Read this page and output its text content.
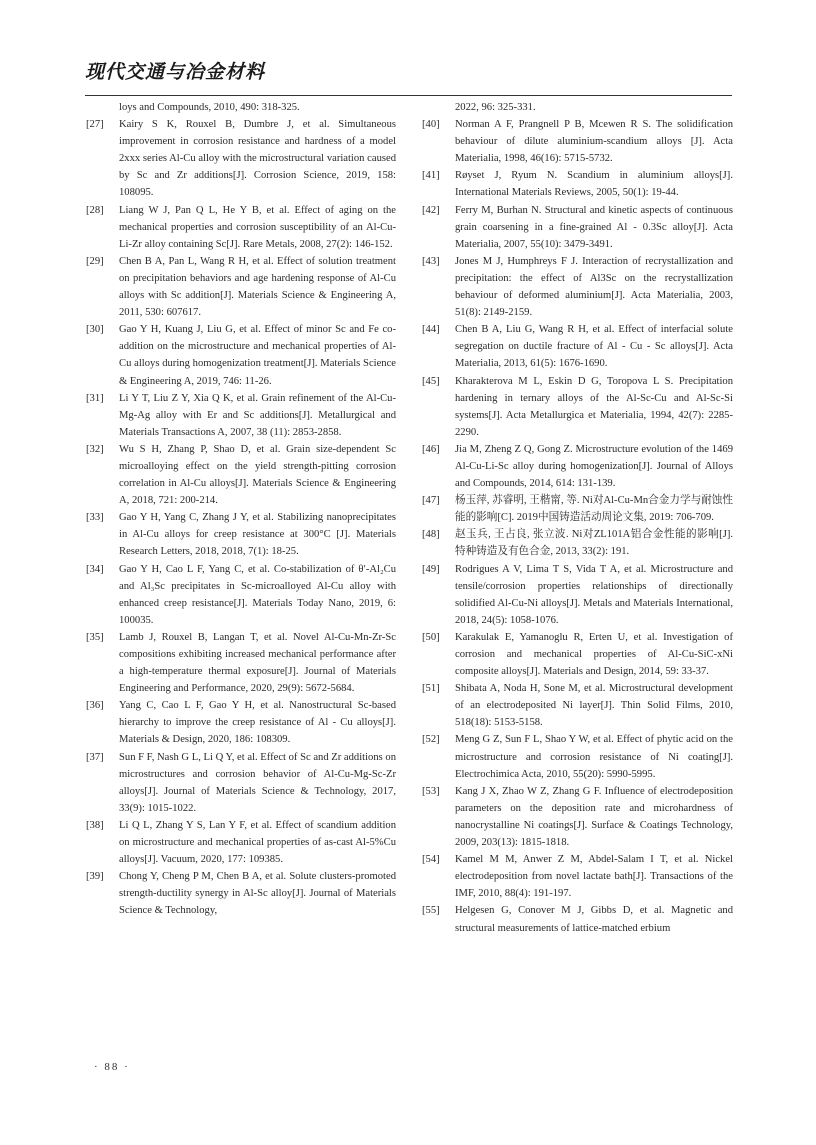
现代交通与冶金材料
loys and Compounds, 2010, 490: 318-325.
[27] Kairy S K, Rouxel B, Dumbre J, et al. Simultaneous improvement in corrosion resistance and hardness of a model 2xxx series Al-Cu alloy with the microstructural variation caused by Sc and Zr additions[J]. Corrosion Science, 2019, 158: 108095.
[28] Liang W J, Pan Q L, He Y B, et al. Effect of aging on the mechanical properties and corrosion susceptibility of an Al-Cu-Li-Zr alloy containing Sc[J]. Rare Metals, 2008, 27(2): 146-152.
[29] Chen B A, Pan L, Wang R H, et al. Effect of solution treatment on precipitation behaviors and age hardening response of Al-Cu alloys with Sc addition[J]. Materials Science & Engineering A, 2011, 530: 607617.
[30] Gao Y H, Kuang J, Liu G, et al. Effect of minor Sc and Fe co-addition on the microstructure and mechanical properties of Al-Cu alloys during homogenization treatment[J]. Materials Science & Engineering A, 2019, 746: 11-26.
[31] Li Y T, Liu Z Y, Xia Q K, et al. Grain refinement of the Al-Cu-Mg-Ag alloy with Er and Sc additions[J]. Metallurgical and Materials Transactions A, 2007, 38 (11): 2853-2858.
[32] Wu S H, Zhang P, Shao D, et al. Grain size-dependent Sc microalloying effect on the yield strength-pitting corrosion correlation in Al-Cu alloys[J]. Materials Science & Engineering A, 2018, 721: 200-214.
[33] Gao Y H, Yang C, Zhang J Y, et al. Stabilizing nanoprecipitates in Al-Cu alloys for creep resistance at 300°C [J]. Materials Research Letters, 2018, 2018, 7(1): 18-25.
[34] Gao Y H, Cao L F, Yang C, et al. Co-stabilization of θ′-Al₂Cu and Al₃Sc precipitates in Sc-microalloyed Al-Cu alloy with enhanced creep resistance[J]. Materials Today Nano, 2019, 6: 100035.
[35] Lamb J, Rouxel B, Langan T, et al. Novel Al-Cu-Mn-Zr-Sc compositions exhibiting increased mechanical performance after a high-temperature thermal exposure[J]. Journal of Materials Engineering and Performance, 2020, 29(9): 5672-5684.
[36] Yang C, Cao L F, Gao Y H, et al. Nanostructural Sc-based hierarchy to improve the creep resistance of Al - Cu alloys[J]. Materials & Design, 2020, 186: 108309.
[37] Sun F F, Nash G L, Li Q Y, et al. Effect of Sc and Zr additions on microstructures and corrosion behavior of Al-Cu-Mg-Sc-Zr alloys[J]. Journal of Materials Science & Technology, 2017, 33(9): 1015-1022.
[38] Li Q L, Zhang Y S, Lan Y F, et al. Effect of scandium addition on microstructure and mechanical properties of as-cast Al-5%Cu alloys[J]. Vacuum, 2020, 177: 109385.
[39] Chong Y, Cheng P M, Chen B A, et al. Solute clusters-promoted strength-ductility synergy in Al-Sc alloy[J]. Journal of Materials Science & Technology,
2022, 96: 325-331.
[40] Norman A F, Prangnell P B, Mcewen R S. The solidification behaviour of dilute aluminium-scandium alloys [J]. Acta Materialia, 1998, 46(16): 5715-5732.
[41] Røyset J, Ryum N. Scandium in aluminium alloys[J]. International Materials Reviews, 2005, 50(1): 19-44.
[42] Ferry M, Burhan N. Structural and kinetic aspects of continuous grain coarsening in a fine-grained Al - 0.3Sc alloy[J]. Acta Materialia, 2007, 55(10): 3479-3491.
[43] Jones M J, Humphreys F J. Interaction of recrystallization and precipitation: the effect of Al3Sc on the recrystallization behaviour of deformed aluminium[J]. Acta Materialia, 2003, 51(8): 2149-2159.
[44] Chen B A, Liu G, Wang R H, et al. Effect of interfacial solute segregation on ductile fracture of Al - Cu - Sc alloys[J]. Acta Materialia, 2013, 61(5): 1676-1690.
[45] Kharakterova M L, Eskin D G, Toropova L S. Precipitation hardening in ternary alloys of the Al-Sc-Cu and Al-Sc-Si systems[J]. Acta Metallurgica et Materialia, 1994, 42(7): 2285-2290.
[46] Jia M, Zheng Z Q, Gong Z. Microstructure evolution of the 1469 Al-Cu-Li-Sc alloy during homogenization[J]. Journal of Alloys and Compounds, 2014, 614: 131-139.
[47] 杨玉萍, 苏睿明, 王楷甯, 等. Ni对Al-Cu-Mn合金力学与耐蚀性能的影响[C]. 2019中国铸造活动周论文集, 2019: 706-709.
[48] 赵玉兵, 王占良, 张立波. Ni对ZL101A铝合金性能的影响[J]. 特种铸造及有色合金, 2013, 33(2): 191.
[49] Rodrigues A V, Lima T S, Vida T A, et al. Microstructure and tensile/corrosion properties relationships of directionally solidified Al-Cu-Ni alloys[J]. Metals and Materials International, 2018, 24(5): 1058-1076.
[50] Karakulak E, Yamanoglu R, Erten U, et al. Investigation of corrosion and mechanical properties of Al-Cu-SiC-xNi composite alloys[J]. Materials and Design, 2014, 59: 33-37.
[51] Shibata A, Noda H, Sone M, et al. Microstructural development of an electrodeposited Ni layer[J]. Thin Solid Films, 2010, 518(18): 5153-5158.
[52] Meng G Z, Sun F L, Shao Y W, et al. Effect of phytic acid on the microstructure and corrosion resistance of Ni coating[J]. Electrochimica Acta, 2010, 55(20): 5990-5995.
[53] Kang J X, Zhao W Z, Zhang G F. Influence of electrodeposition parameters on the deposition rate and microhardness of nanocrystalline Ni coatings[J]. Surface & Coatings Technology, 2009, 203(13): 1815-1818.
[54] Kamel M M, Anwer Z M, Abdel-Salam I T, et al. Nickel electrodeposition from novel lactate bath[J]. Transactions of the IMF, 2010, 88(4): 191-197.
[55] Helgesen G, Conover M J, Gibbs D, et al. Magnetic and structural measurements of lattice-matched erbium
· 88 ·
